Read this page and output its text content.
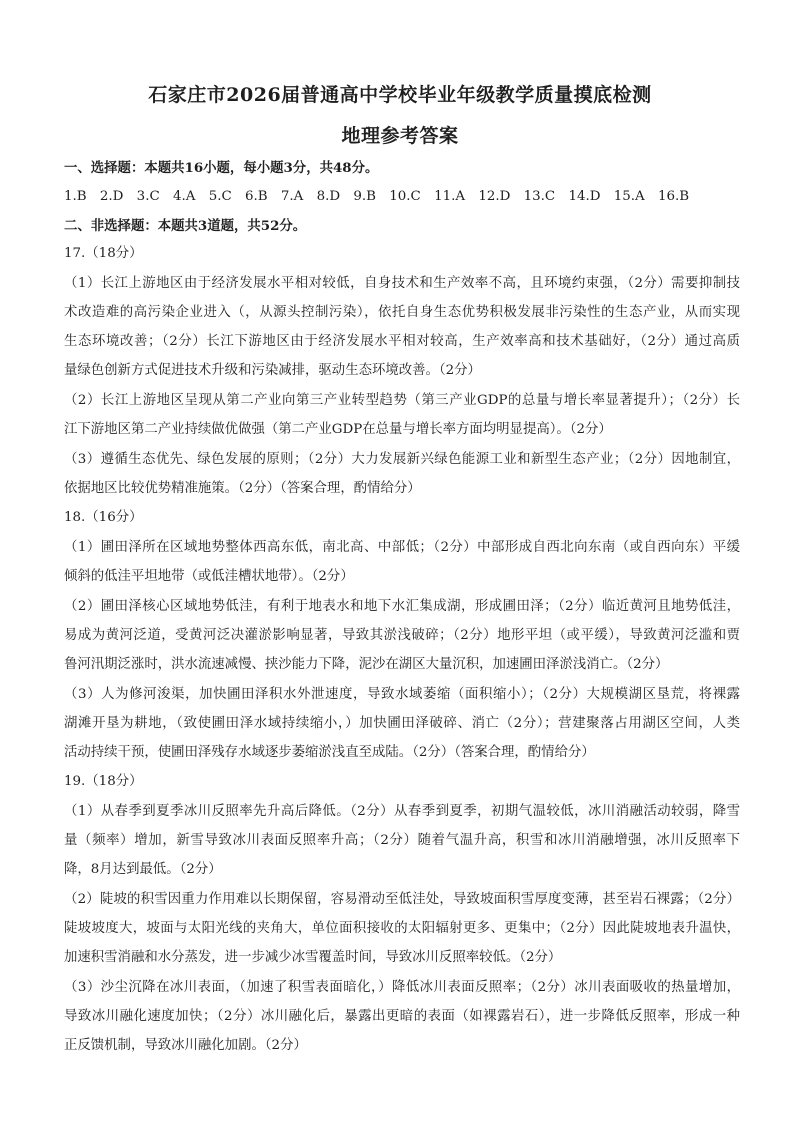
石家庄市2026届普通高中学校毕业年级教学质量摸底检测
地理参考答案
一、选择题：本题共16小题，每小题3分，共48分。
1.B 2.D 3.C 4.A 5.C 6.B 7.A 8.D 9.B 10.C 11.A 12.D 13.C 14.D 15.A 16.B
二、非选择题：本题共3道题，共52分。
17.（18分）
（1）长江上游地区由于经济发展水平相对较低，自身技术和生产效率不高，且环境约束强，（2分）需要抑制技
术改造难的高污染企业进入（，从源头控制污染），依托自身生态优势积极发展非污染性的生态产业，从而实现
生态环境改善；（2分）长江下游地区由于经济发展水平相对较高，生产效率高和技术基础好，（2分）通过高质
量绿色创新方式促进技术升级和污染减排，驱动生态环境改善。（2分）
（2）长江上游地区呈现从第二产业向第三产业转型趋势（第三产业GDP的总量与增长率显著提升）；（2分）长
江下游地区第二产业持续做优做强（第二产业GDP在总量与增长率方面均明显提高）。（2分）
（3）遵循生态优先、绿色发展的原则；（2分）大力发展新兴绿色能源工业和新型生态产业；（2分）因地制宜，
依据地区比较优势精准施策。（2分）（答案合理，酌情给分）
18.（16分）
（1）圃田泽所在区域地势整体西高东低，南北高、中部低；（2分）中部形成自西北向东南（或自西向东）平缓
倾斜的低洼平坦地带（或低洼槽状地带）。（2分）
（2）圃田泽核心区域地势低洼，有利于地表水和地下水汇集成湖，形成圃田泽；（2分）临近黄河且地势低洼，
易成为黄河泛道，受黄河泛决灌淤影响显著，导致其淤浅破碎；（2分）地形平坦（或平缓），导致黄河泛滥和贾
鲁河汛期泛涨时，洪水流速减慢、挟沙能力下降，泥沙在湖区大量沉积，加速圃田泽淤浅消亡。（2分）
（3）人为修河浚渠，加快圃田泽积水外泄速度，导致水域萎缩（面积缩小）；（2分）大规模湖区垦荒，将裸露
湖滩开垦为耕地，（致使圃田泽水域持续缩小，）加快圃田泽破碎、消亡（2分）；营建聚落占用湖区空间，人类
活动持续干预，使圃田泽残存水域逐步萎缩淤浅直至成陆。（2分）（答案合理，酌情给分）
19.（18分）
（1）从春季到夏季冰川反照率先升高后降低。（2分）从春季到夏季，初期气温较低，冰川消融活动较弱，降雪
量（频率）增加，新雪导致冰川表面反照率升高；（2分）随着气温升高，积雪和冰川消融增强，冰川反照率下
降，8月达到最低。（2分）
（2）陡坡的积雪因重力作用难以长期保留，容易滑动至低洼处，导致坡面积雪厚度变薄，甚至岩石裸露；（2分）
陡坡坡度大，坡面与太阳光线的夹角大，单位面积接收的太阳辐射更多、更集中；（2分）因此陡坡地表升温快，
加速积雪消融和水分蒸发，进一步减少冰雪覆盖时间，导致冰川反照率较低。（2分）
（3）沙尘沉降在冰川表面，（加速了积雪表面暗化，）降低冰川表面反照率；（2分）冰川表面吸收的热量增加，
导致冰川融化速度加快；（2分）冰川融化后，暴露出更暗的表面（如裸露岩石），进一步降低反照率，形成一种
正反馈机制，导致冰川融化加剧。（2分）
